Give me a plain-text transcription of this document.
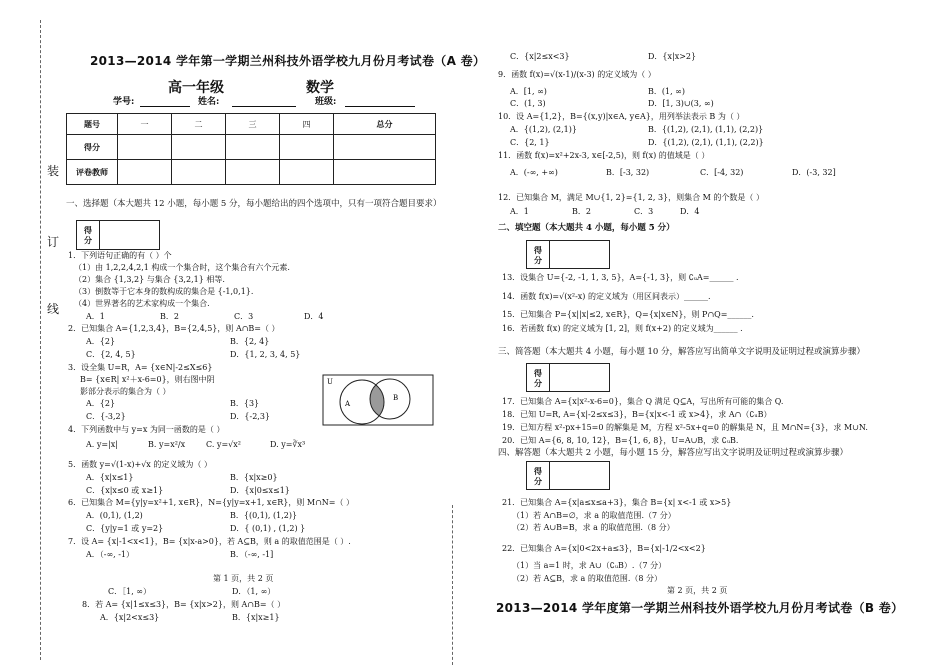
装
订
线
2013—2014 学年第一学期兰州科技外语学校九月份月考试卷（A 卷）
高一年级	数学
学号:	姓名:	班级:
题号	一	二	三	四	总分
得分					
评卷教师					
一、选择题（本大题共 12 小题，每小题 5 分，每小题给出的四个选项中，只有一项符合题目要求）
得
分
1．下列语句正确的有（ ）个
（1）由 1,2,2,4,2,1 构成一个集合时，这个集合有六个元素.
（2）集合 {1,3,2} 与集合 {3,2,1} 相等.
（3）倒数等于它本身的数构成的集合是 {-1,0,1}.
（4）世界著名的艺术家构成一个集合.
A．1	B．2	C．3	D．4
2．已知集合 A={1,2,3,4}，B={2,4,5}，则 A∩B=（ ）
A．{2}	B．{2, 4}
C．{2, 4, 5}	D．{1, 2, 3, 4, 5}
3．设全集 U=R，A= {x∈N|-2≤X≤6}
B= {x∈R| x²＋x-6=0}，则右图中阴
影部分表示的集合为（ ）
A．{2}	B．{3}
C．{-3,2}	D．{-2,3}
U
A
B
4．下列函数中与 y=x 为同一函数的是（ ）
A. y=|x|	B. y=x²/x	C. y=√x²	D. y=∛x³
5．函数 y=√(1-x)+√x 的定义域为（ ）
A．{x|x≤1}	B．{x|x≥0}
C．{x|x≤0 或 x≥1}	D．{x|0≤x≤1}
6．已知集合 M={y|y=x²+1, x∈R}，N={y|y=x+1, x∈R}，则 M∩N=（ ）
A．(0,1), (1,2)	B．{(0,1), (1,2)}
C．{y|y=1 或 y=2}	D．{ (0,1) , (1,2) }
7．设 A= {x|-1<x<1}，B= {x|x-a>0}，若 A⊆B，则 a 的取值范围是（ ）.
A．（-∞, -1）	B．（-∞, -1]
第 1 页，共 2 页
C．［1, ∞）	D．（1, ∞）
8．若 A= {x|1≤x≤3}，B= {x|x>2}，则 A∩B=（ ）
A．{x|2<x≤3}	B．{x|x≥1}
C．{x|2≤x<3}	D．{x|x>2}
9．函数 f(x)=√(x-1)/(x-3) 的定义域为（ ）
A．[1, ∞)	B．(1, ∞)
C．(1, 3)	D．[1, 3)∪(3, ∞)
10．设 A={1,2}，B={(x,y)|x∈A, y∈A}，用列举法表示 B 为（ ）
A．{(1,2), (2,1)}	B．{(1,2), (2,1), (1,1), (2,2)}
C．{2, 1}	D．{(1,2), (2,1), (1,1), (2,2)}
11．函数 f(x)=x²+2x-3, x∈[-2,5)，则 f(x) 的值域是（ ）
A．(-∞, +∞)	B．[-3, 32)	C．[-4, 32)	D．(-3, 32]
12．已知集合 M，满足 M∪{1, 2}={1, 2, 3}，则集合 M 的个数是（ ）
A．1	B．2	C．3	D．4
二、填空题（本大题共 4 小题，每小题 5 分）
得
分
13．设集合 U={-2, -1, 1, 3, 5}，A={-1, 3}，则 ∁ᵤA=______ .
14．函数 f(x)=√(x²-x) 的定义域为（用区间表示）______.
15．已知集合 P={x||x|≤2, x∈R}，Q={x|x∈N}，则 P∩Q=______.
16．若函数 f(x) 的定义域为 [1, 2]，则 f(x+2) 的定义域为______ .
三、简答题（本大题共 4 小题，每小题 10 分，解答应写出简单文字说明及证明过程或演算步骤）
得
分
17．已知集合 A={x|x²-x-6=0}，集合 Q 满足 Q⊆A，写出所有可能的集合 Q.
18．已知 U=R, A={x|-2≤x≤3}，B={x|x<-1 或 x>4}，求 A∩（∁ᵤB）
19．已知方程 x²-px+15=0 的解集是 M，方程 x²-5x+q=0 的解集是 N，且 M∩N={3}，求 M∪N.
20．已知 A={6, 8, 10, 12}，B={1, 6, 8}，U=A∪B，求 ∁ᵤB.
四、解答题（本大题共 2 小题，每小题 15 分，解答应写出文字说明及证明过程或演算步骤）
得
分
21．已知集合 A={x|a≤x≤a+3}，集合 B={x| x<-1 或 x>5}
（1）若 A∩B=∅，求 a 的取值范围.（7 分）
（2）若 A∪B=B，求 a 的取值范围.（8 分）
22．已知集合 A={x|0<2x+a≤3}，B={x|-1/2<x<2}
（1）当 a=1 时，求 A∪（∁ᵤB）.（7 分）
（2）若 A⊆B，求 a 的取值范围.（8 分）
第 2 页，共 2 页
2013—2014 学年度第一学期兰州科技外语学校九月份月考试卷（B 卷）
